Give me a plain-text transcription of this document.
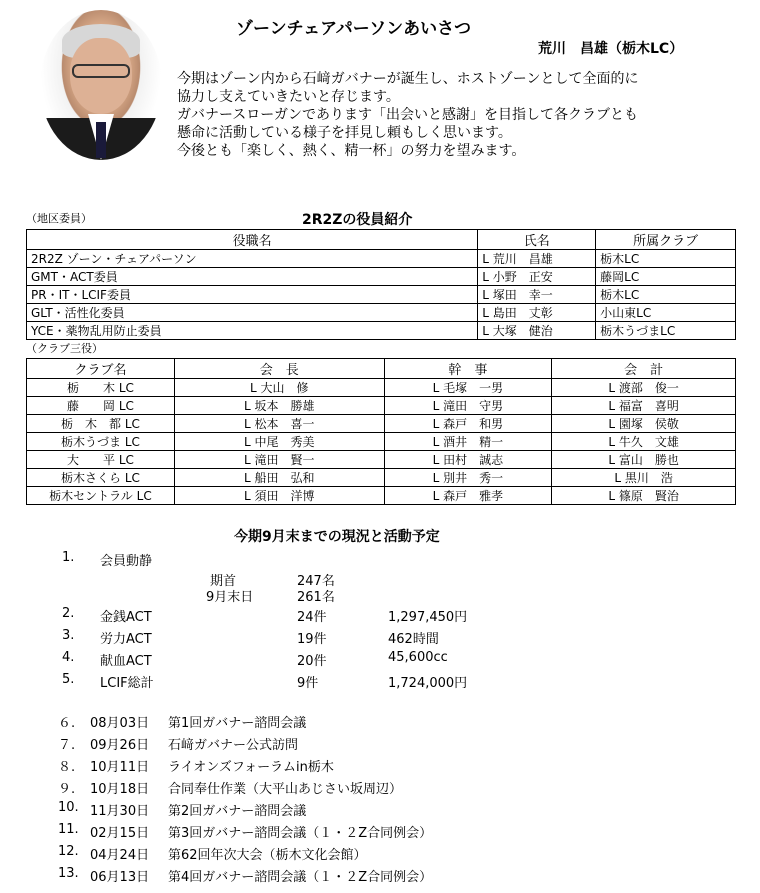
ゾーンチェアパーソンあいさつ
荒川　昌雄（栃木LC）
今期はゾーン内から石﨑ガバナーが誕生し、ホストゾーンとして全面的に
協力し支えていきたいと存じます。
ガバナースローガンであります「出会いと感謝」を目指して各クラブとも
懸命に活動している様子を拝見し頼もしく思います。
今後とも「楽しく、熱く、精一杯」の努力を望みます。
（地区委員）	2R2Zの役員紹介
役職名	氏名	所属クラブ
2R2Z ゾーン・チェアパーソン	L 荒川　昌雄	栃木LC
GMT・ACT委員	L 小野　正安	藤岡LC
PR・IT・LCIF委員	L 塚田　幸一	栃木LC
GLT・活性化委員	L 島田　丈彰	小山東LC
YCE・薬物乱用防止委員	L 大塚　健治	栃木うづまLC
（クラブ三役）
クラブ名	会　長	幹　事	会　計
栃　　木 LC	L 大山　修	L 毛塚　一男	L 渡部　俊一
藤　　岡 LC	L 坂本　勝雄	L 滝田　守男	L 福富　喜明
栃　木　都 LC	L 松本　喜一	L 森戸　和男	L 園塚　侯敬
栃木うづま LC	L 中尾　秀美	L 酒井　精一	L 牛久　文雄
大　　平 LC	L 滝田　賢一	L 田村　誠志	L 富山　勝也
栃木さくら LC	L 船田　弘和	L 別井　秀一	L 黒川　浩
栃木セントラル LC	L 須田　洋博	L 森戸　雅孝	L 篠原　賢治
今期9月末までの現況と活動予定
1. 会員動静
期首	247名
9月末日	261名
2. 金銭ACT	24件	1,297,450円
3. 労力ACT	19件	462時間
4. 献血ACT	20件	45,600cc
5. LCIF総計	9件	1,724,000円
６. 08月03日 第1回ガバナー諮問会議
７. 09月26日 石﨑ガバナー公式訪問
８. 10月11日 ライオンズフォーラムin栃木
９. 10月18日 合同奉仕作業（大平山あじさい坂周辺）
10. 11月30日 第2回ガバナー諮問会議
11. 02月15日 第3回ガバナー諮問会議（１・２Z合同例会）
12. 04月24日 第62回年次大会（栃木文化会館）
13. 06月13日 第4回ガバナー諮問会議（１・２Z合同例会）
